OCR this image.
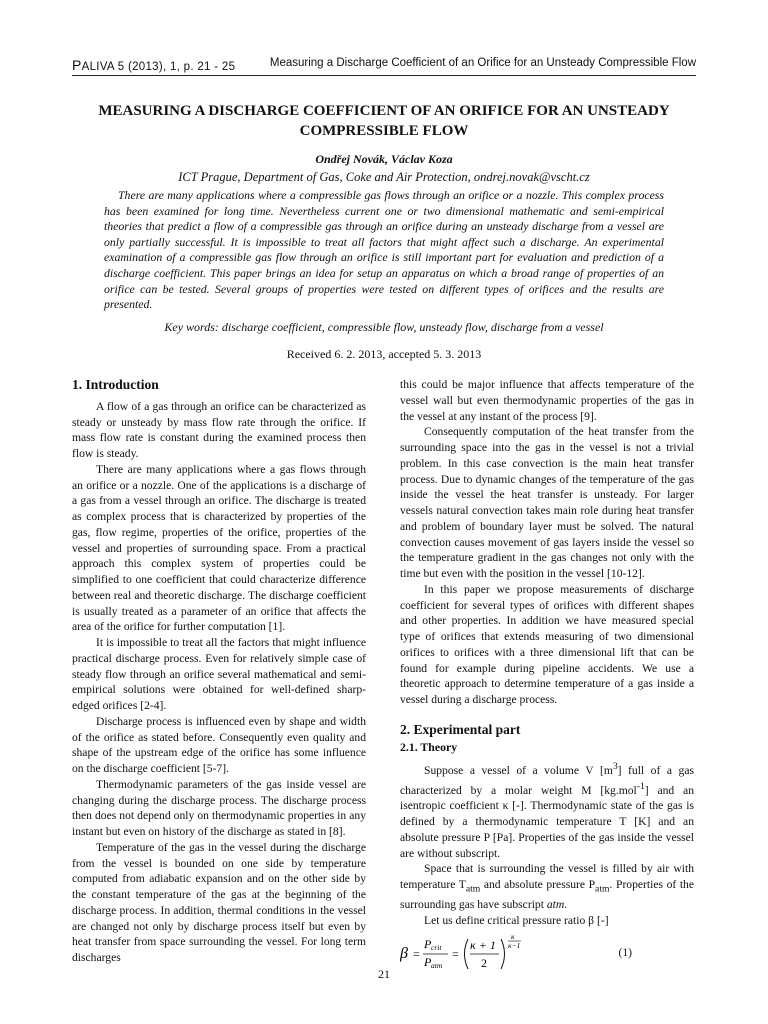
PALIVA 5 (2013), 1, p. 21 - 25	Measuring a Discharge Coefficient of an Orifice for an Unsteady Compressible Flow
MEASURING A DISCHARGE COEFFICIENT OF AN ORIFICE FOR AN UNSTEADY
COMPRESSIBLE FLOW
Ondřej Novák, Václav Koza
ICT Prague, Department of Gas, Coke and Air Protection, ondrej.novak@vscht.cz

There are many applications where a compressible gas flows through an orifice or a nozzle. This complex process has been examined for long time. Nevertheless current one or two dimensional mathematic and semi-empirical theories that predict a flow of a compressible gas through an orifice during an unsteady discharge from a vessel are only partially successful. It is impossible to treat all factors that might affect such a discharge. An experimental examination of a compressible gas flow through an orifice is still important part for evaluation and prediction of a discharge coefficient. This paper brings an idea for setup an apparatus on which a broad range of properties of an orifice can be tested. Several groups of properties were tested on different types of orifices and the results are presented.

Key words: discharge coefficient, compressible flow, unsteady flow, discharge from a vessel
Received 6. 2. 2013, accepted 5. 3. 2013
1. Introduction

A flow of a gas through an orifice can be characterized as steady or unsteady by mass flow rate through the orifice. If mass flow rate is constant during the examined process then flow is steady.

There are many applications where a gas flows through an orifice or a nozzle. One of the applications is a discharge of a gas from a vessel through an orifice. The discharge is treated as complex process that is characterized by properties of the gas, flow regime, properties of the orifice, properties of the vessel and properties of surrounding space. From a practical approach this complex system of properties could be simplified to one coefficient that could characterize difference between real and theoretic discharge. The discharge coefficient is usually treated as a parameter of an orifice that affects the area of the orifice for further computation [1].

It is impossible to treat all the factors that might influence practical discharge process. Even for relatively simple case of steady flow through an orifice several mathematical and semi-empirical solutions were obtained for well-defined sharp-edged orifices [2-4].

Discharge process is influenced even by shape and width of the orifice as stated before. Consequently even quality and shape of the upstream edge of the orifice has some influence on the discharge coefficient [5-7].

Thermodynamic parameters of the gas inside vessel are changing during the discharge process. The discharge process then does not depend only on thermodynamic properties in any instant but even on history of the discharge as stated in [8].

Temperature of the gas in the vessel during the discharge from the vessel is bounded on one side by temperature computed from adiabatic expansion and on the other side by the constant temperature of the gas at the beginning of the discharge process. In addition, thermal conditions in the vessel are changed not only by discharge process itself but even by heat transfer from space surrounding the vessel. For long term discharges

this could be major influence that affects temperature of the vessel wall but even thermodynamic properties of the gas in the vessel at any instant of the process [9].

Consequently computation of the heat transfer from the surrounding space into the gas in the vessel is not a trivial problem. In this case convection is the main heat transfer process. Due to dynamic changes of the temperature of the gas inside the vessel the heat transfer is unsteady. For larger vessels natural convection takes main role during heat transfer and problem of boundary layer must be solved. The natural convection causes movement of gas layers inside the vessel so the temperature gradient in the gas changes not only with the time but even with the position in the vessel [10-12].

In this paper we propose measurements of discharge coefficient for several types of orifices with different shapes and other properties. In addition we have measured special type of orifices that extends measuring of two dimensional orifices to orifices with a three dimensional lift that can be found for example during pipeline accidents. We use a theoretic approach to determine temperature of a gas inside a vessel during a discharge process.

2. Experimental part
2.1. Theory

Suppose a vessel of a volume V $[m^3]$ full of a gas characterized by a molar weight M [kg.mol$^{-1}$] and an isentropic coefficient κ [-]. Thermodynamic state of the gas is defined by a thermodynamic temperature T [K] and an absolute pressure P [Pa]. Properties of the gas inside the vessel are without subscript.

Space that is surrounding the vessel is filled by air with temperature $T_{atm}$ and absolute pressure $P_{atm}$. Properties of the surrounding gas have subscript atm.

Let us define critical pressure ratio β [-]

β =
P crit
P atm
=
κ + 1
2
κ
κ−1
(1)
21
